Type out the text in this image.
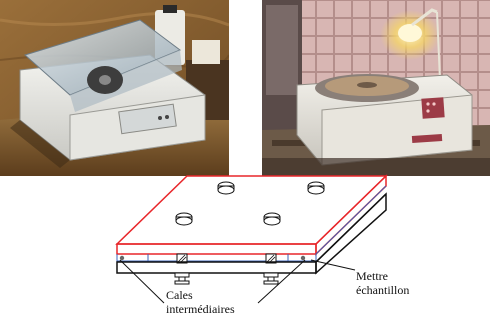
Mettre
échantillon
Cales
intermédiaires
